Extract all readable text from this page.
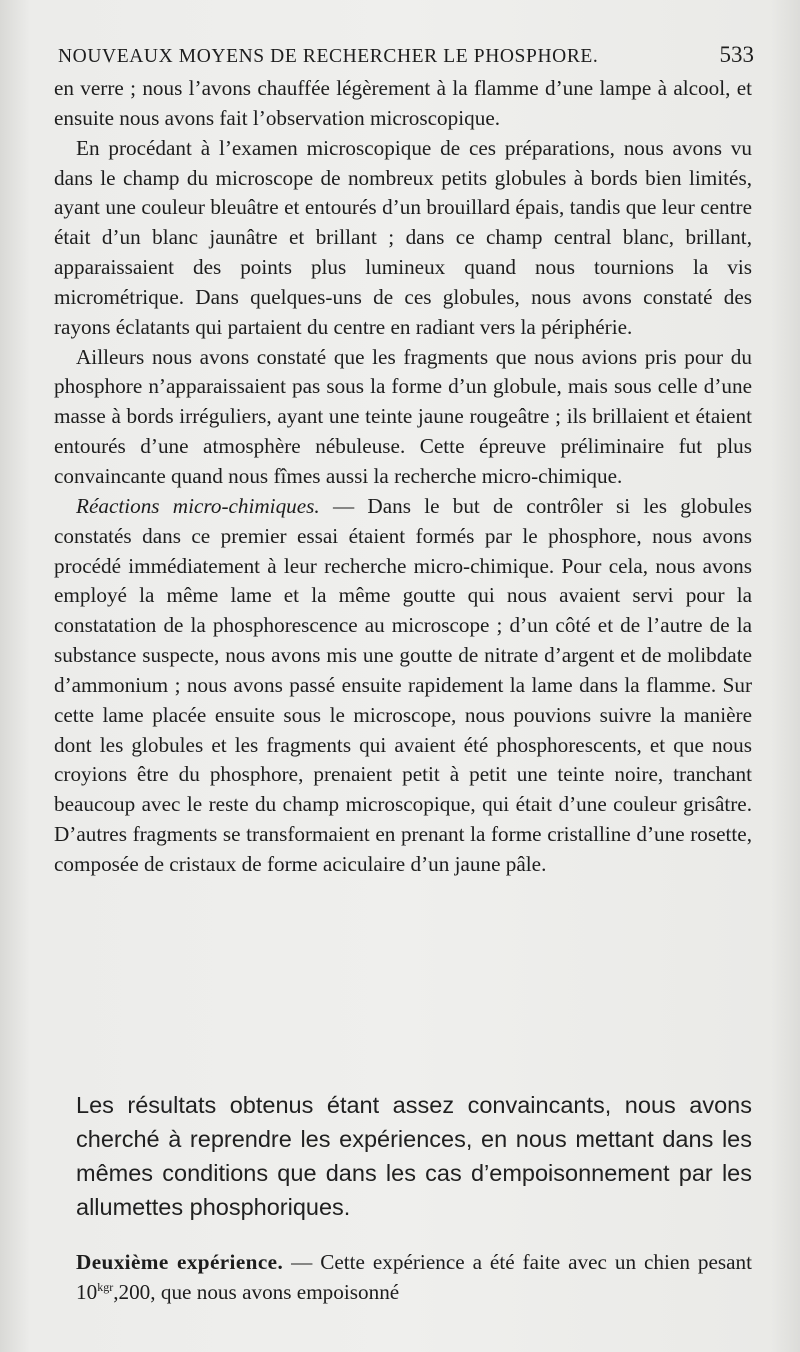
NOUVEAUX MOYENS DE RECHERCHER LE PHOSPHORE.	533

en verre ; nous l’avons chauffée légèrement à la flamme d’une lampe à alcool, et ensuite nous avons fait l’observation microscopique.

En procédant à l’examen microscopique de ces préparations, nous avons vu dans le champ du microscope de nombreux petits globules à bords bien limités, ayant une couleur bleuâtre et entourés d’un brouillard épais, tandis que leur centre était d’un blanc jaunâtre et brillant ; dans ce champ central blanc, brillant, apparaissaient des points plus lumineux quand nous tournions la vis micrométrique. Dans quelques-uns de ces globules, nous avons constaté des rayons éclatants qui partaient du centre en radiant vers la périphérie.

Ailleurs nous avons constaté que les fragments que nous avions pris pour du phosphore n’apparaissaient pas sous la forme d’un globule, mais sous celle d’une masse à bords irréguliers, ayant une teinte jaune rougeâtre ; ils brillaient et étaient entourés d’une atmosphère nébuleuse. Cette épreuve préliminaire fut plus convaincante quand nous fîmes aussi la recherche micro-chimique.

Réactions micro-chimiques. — Dans le but de contrôler si les globules constatés dans ce premier essai étaient formés par le phosphore, nous avons procédé immédiatement à leur recherche micro-chimique. Pour cela, nous avons employé la même lame et la même goutte qui nous avaient servi pour la constatation de la phosphorescence au microscope ; d’un côté et de l’autre de la substance suspecte, nous avons mis une goutte de nitrate d’argent et de molibdate d’ammonium ; nous avons passé ensuite rapidement la lame dans la flamme. Sur cette lame placée ensuite sous le microscope, nous pouvions suivre la manière dont les globules et les fragments qui avaient été phosphorescents, et que nous croyions être du phosphore, prenaient petit à petit une teinte noire, tranchant beaucoup avec le reste du champ microscopique, qui était d’une couleur grisâtre. D’autres fragments se transformaient en prenant la forme cristalline d’une rosette, composée de cristaux de forme aciculaire d’un jaune pâle.

Les résultats obtenus étant assez convaincants, nous avons cherché à reprendre les expériences, en nous mettant dans les mêmes conditions que dans les cas d’empoisonnement par les allumettes phosphoriques.

Deuxième expérience. — Cette expérience a été faite avec un chien pesant $10^{kgr},200$, que nous avons empoisonné
